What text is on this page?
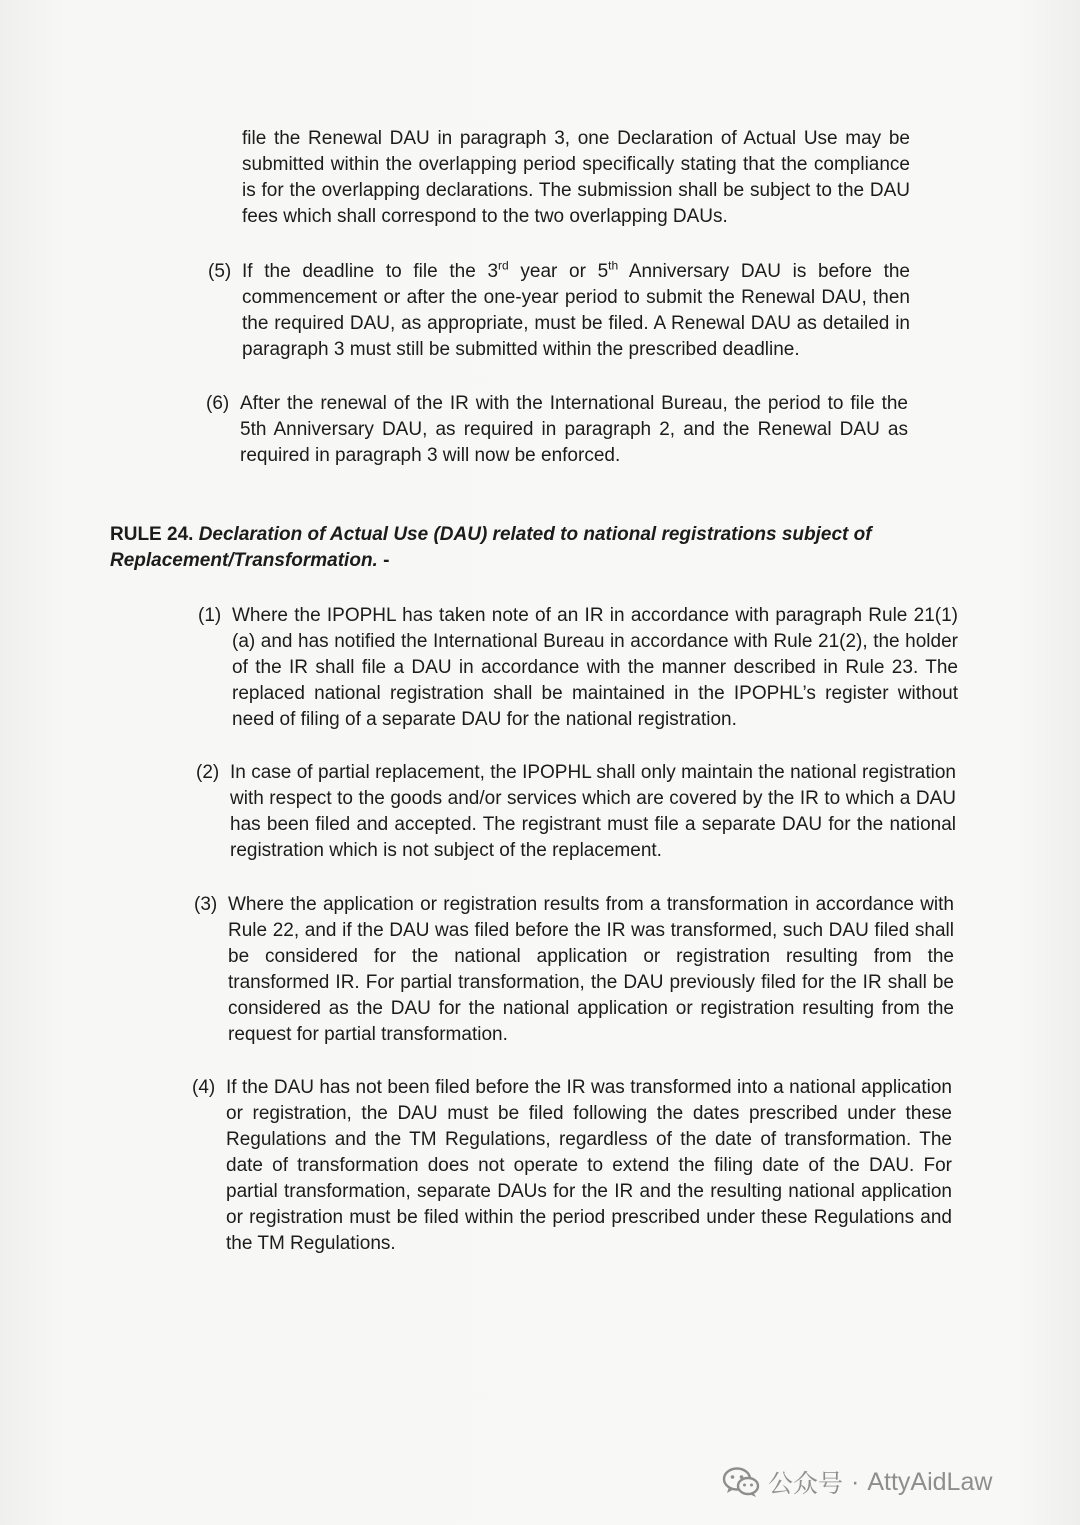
file the Renewal DAU in paragraph 3, one Declaration of Actual Use may be submitted within the overlapping period specifically stating that the compliance is for the overlapping declarations. The submission shall be subject to the DAU fees which shall correspond to the two overlapping DAUs.

(5) If the deadline to file the 3rd year or 5th Anniversary DAU is before the commencement or after the one-year period to submit the Renewal DAU, then the required DAU, as appropriate, must be filed. A Renewal DAU as detailed in paragraph 3 must still be submitted within the prescribed deadline.

(6) After the renewal of the IR with the International Bureau, the period to file the 5th Anniversary DAU, as required in paragraph 2, and the Renewal DAU as required in paragraph 3 will now be enforced.

RULE 24. Declaration of Actual Use (DAU) related to national registrations subject of Replacement/Transformation. -

(1) Where the IPOPHL has taken note of an IR in accordance with paragraph Rule 21(1)(a) and has notified the International Bureau in accordance with Rule 21(2), the holder of the IR shall file a DAU in accordance with the manner described in Rule 23. The replaced national registration shall be maintained in the IPOPHL’s register without need of filing of a separate DAU for the national registration.

(2) In case of partial replacement, the IPOPHL shall only maintain the national registration with respect to the goods and/or services which are covered by the IR to which a DAU has been filed and accepted. The registrant must file a separate DAU for the national registration which is not subject of the replacement.

(3) Where the application or registration results from a transformation in accordance with Rule 22, and if the DAU was filed before the IR was transformed, such DAU filed shall be considered for the national application or registration resulting from the transformed IR. For partial transformation, the DAU previously filed for the IR shall be considered as the DAU for the national application or registration resulting from the request for partial transformation.

(4) If the DAU has not been filed before the IR was transformed into a national application or registration, the DAU must be filed following the dates prescribed under these Regulations and the TM Regulations, regardless of the date of transformation. The date of transformation does not operate to extend the filing date of the DAU. For partial transformation, separate DAUs for the IR and the resulting national application or registration must be filed within the period prescribed under these Regulations and the TM Regulations.

公众号 · AttyAidLaw
